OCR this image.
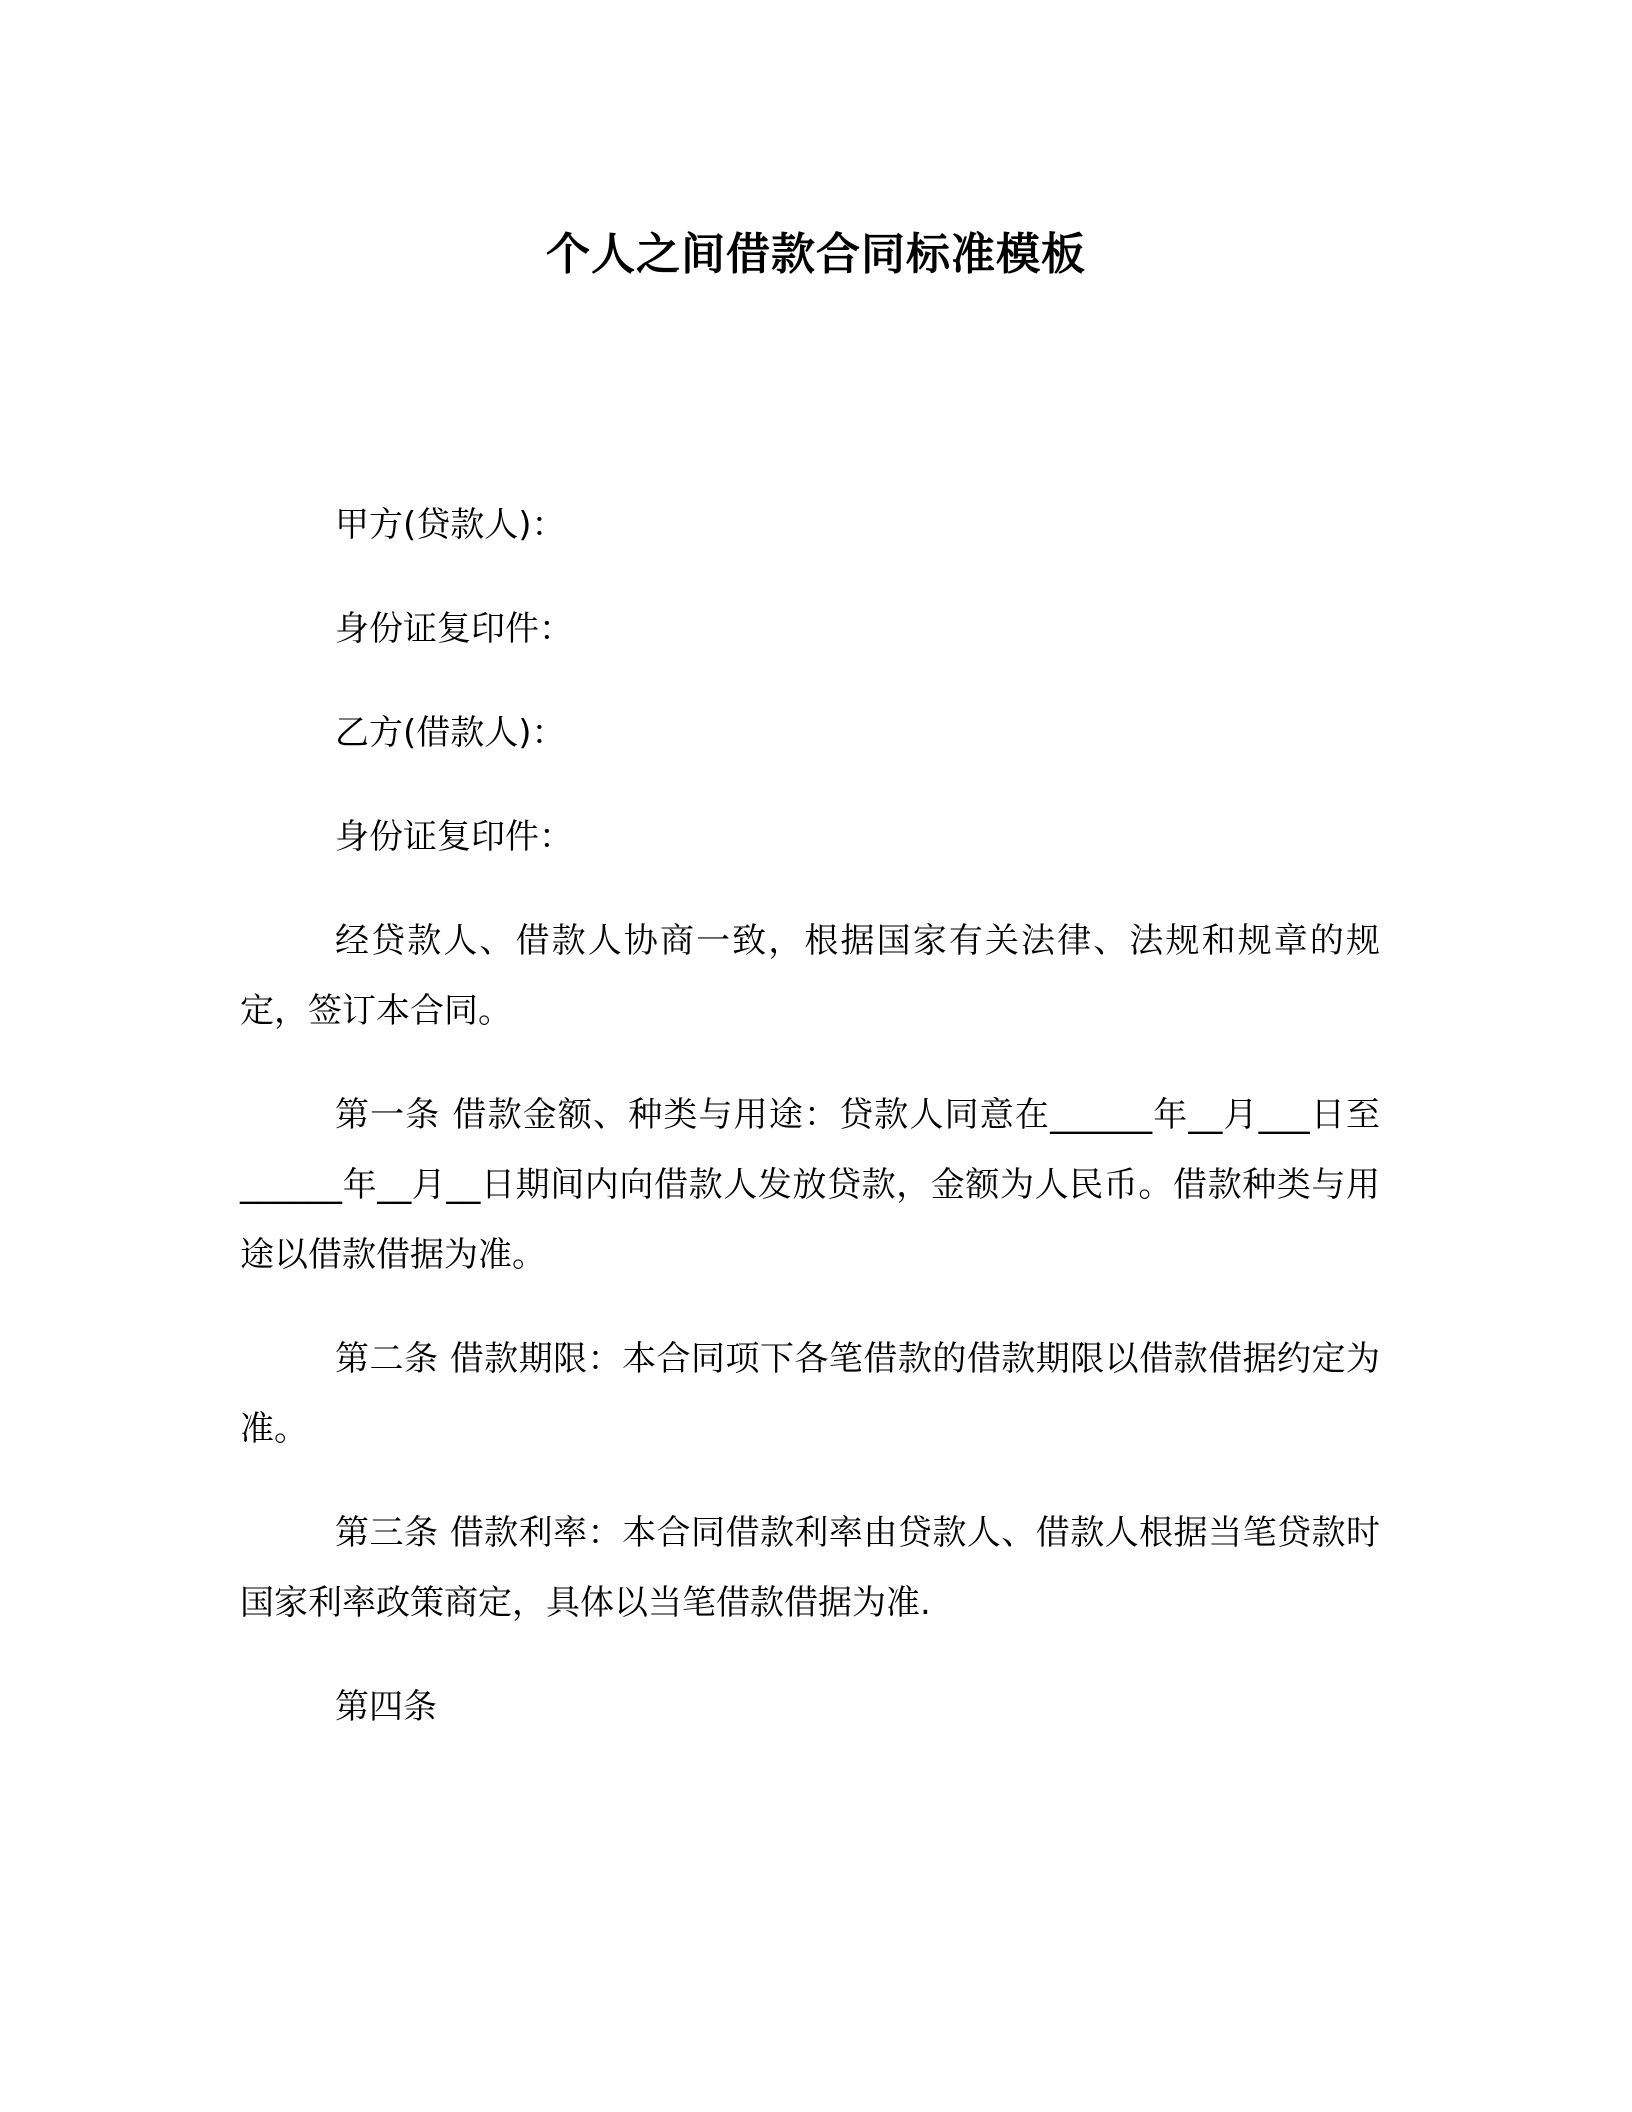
个人之间借款合同标准模板

甲方(贷款人)：

身份证复印件：

乙方(借款人)：

身份证复印件：

经贷款人、借款人协商一致，根据国家有关法律、法规和规章的规定，签订本合同。

第一条 借款金额、种类与用途：贷款人同意在______年__月___日至______年__月__日期间内向借款人发放贷款，金额为人民币。借款种类与用途以借款借据为准。

第二条 借款期限：本合同项下各笔借款的借款期限以借款借据约定为准。

第三条 借款利率：本合同借款利率由贷款人、借款人根据当笔贷款时国家利率政策商定，具体以当笔借款借据为准.

第四条
